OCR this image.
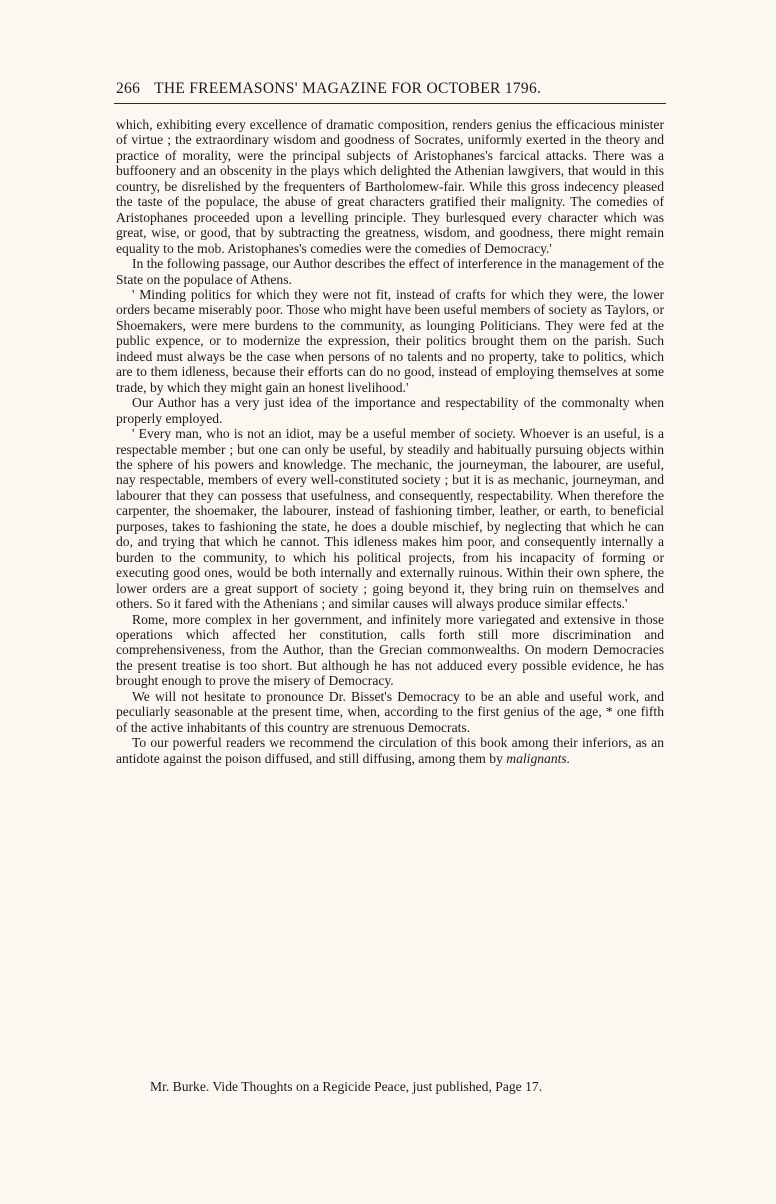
266 THE FREEMASONS' MAGAZINE FOR OCTOBER 1796.

which, exhibiting every excellence of dramatic composition, renders genius the efficacious minister of virtue ; the extraordinary wisdom and goodness of Socrates, uniformly exerted in the theory and practice of morality, were the principal subjects of Aristophanes's farcical attacks. There was a buffoonery and an obscenity in the plays which delighted the Athenian lawgivers, that would in this country, be disrelished by the frequenters of Bartholomew-fair. While this gross indecency pleased the taste of the populace, the abuse of great characters gratified their malignity. The comedies of Aristophanes proceeded upon a levelling principle. They burlesqued every character which was great, wise, or good, that by subtracting the greatness, wisdom, and goodness, there might remain equality to the mob. Aristophanes's comedies were the comedies of Democracy.'

In the following passage, our Author describes the effect of interference in the management of the State on the populace of Athens.

' Minding politics for which they were not fit, instead of crafts for which they were, the lower orders became miserably poor. Those who might have been useful members of society as Taylors, or Shoemakers, were mere burdens to the community, as lounging Politicians. They were fed at the public expence, or to modernize the expression, their politics brought them on the parish. Such indeed must always be the case when persons of no talents and no property, take to politics, which are to them idleness, because their efforts can do no good, instead of employing themselves at some trade, by which they might gain an honest livelihood.'

Our Author has a very just idea of the importance and respectability of the commonalty when properly employed.

' Every man, who is not an idiot, may be a useful member of society. Whoever is an useful, is a respectable member ; but one can only be useful, by steadily and habitually pursuing objects within the sphere of his powers and knowledge. The mechanic, the journeyman, the labourer, are useful, nay respectable, members of every well-constituted society ; but it is as mechanic, journeyman, and labourer that they can possess that usefulness, and consequently, respectability. When therefore the carpenter, the shoemaker, the labourer, instead of fashioning timber, leather, or earth, to beneficial purposes, takes to fashioning the state, he does a double mischief, by neglecting that which he can do, and trying that which he cannot. This idleness makes him poor, and consequently internally a burden to the community, to which his political projects, from his incapacity of forming or executing good ones, would be both internally and externally ruinous. Within their own sphere, the lower orders are a great support of society ; going beyond it, they bring ruin on themselves and others. So it fared with the Athenians ; and similar causes will always produce similar effects.'

Rome, more complex in her government, and infinitely more variegated and extensive in those operations which affected her constitution, calls forth still more discrimination and comprehensiveness, from the Author, than the Grecian commonwealths. On modern Democracies the present treatise is too short. But although he has not adduced every possible evidence, he has brought enough to prove the misery of Democracy.

We will not hesitate to pronounce Dr. Bisset's Democracy to be an able and useful work, and peculiarly seasonable at the present time, when, according to the first genius of the age, * one fifth of the active inhabitants of this country are strenuous Democrats.

To our powerful readers we recommend the circulation of this book among their inferiors, as an antidote against the poison diffused, and still diffusing, among them by malignants.

Mr. Burke. Vide Thoughts on a Regicide Peace, just published, Page 17.
